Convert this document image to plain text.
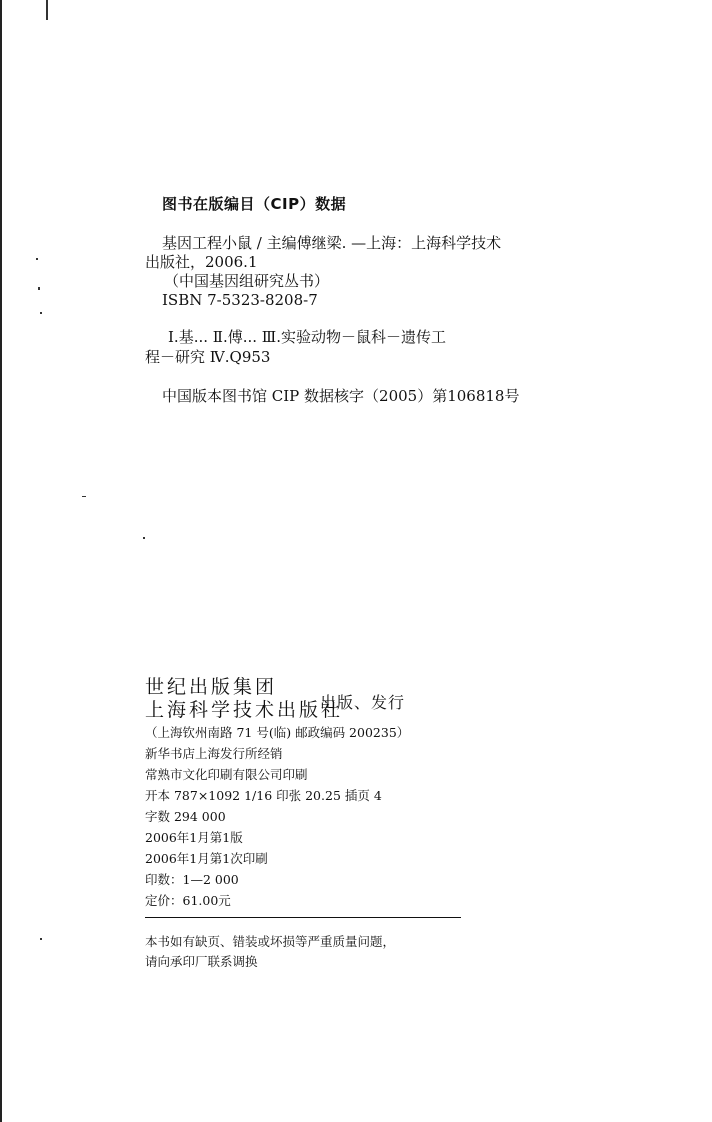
图书在版编目（CIP）数据
基因工程小鼠 / 主编傅继梁. —上海：上海科学技术
出版社，2006.1
（中国基因组研究丛书）
ISBN 7-5323-8208-7
Ⅰ.基... Ⅱ.傅... Ⅲ.实验动物－鼠科－遗传工
程－研究 Ⅳ.Q953
中国版本图书馆 CIP 数据核字（2005）第106818号
世纪出版集团
上海科学技术出版社
（上海钦州南路 71 号(临) 邮政编码 200235）
新华书店上海发行所经销
常熟市文化印刷有限公司印刷
开本 787×1092 1/16 印张 20.25 插页 4
字数 294 000
2006年1月第1版
2006年1月第1次印刷
印数：1—2 000
定价：61.00元
出版、发行
本书如有缺页、错装或坏损等严重质量问题，
请向承印厂联系调换
